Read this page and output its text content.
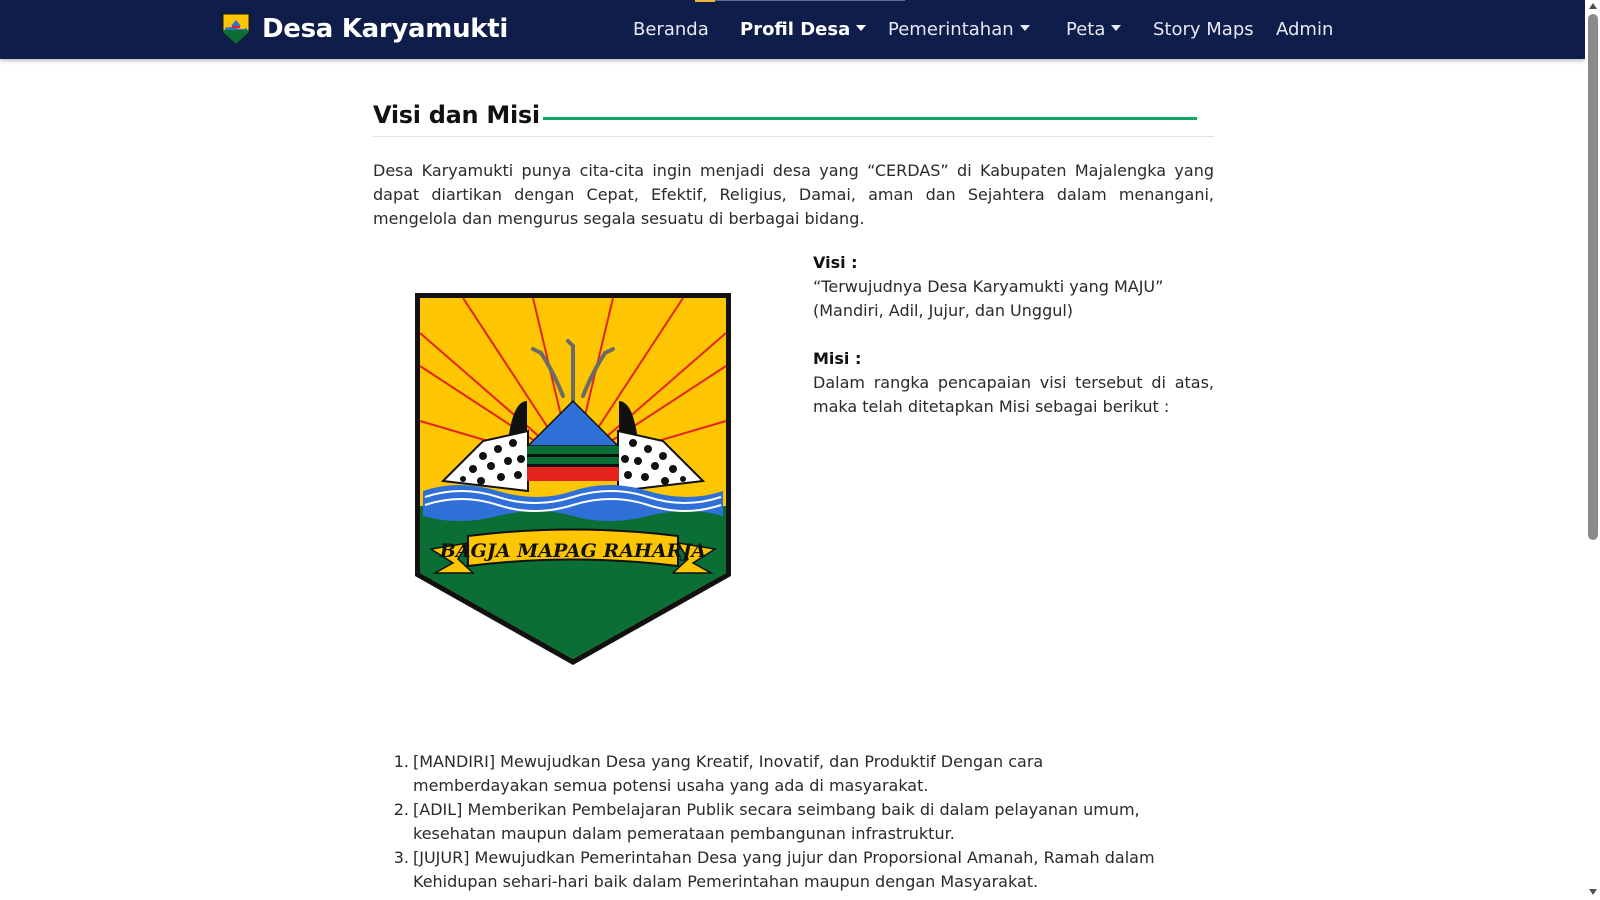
Desa Karyamukti	Beranda Profil Desa	Pemerintahan	Peta	Story Maps Admin
Visi dan Misi

Desa Karyamukti punya cita-cita ingin menjadi desa yang “CERDAS” di Kabupaten Majalengka yang dapat diartikan dengan Cepat, Efektif, Religius, Damai, aman dan Sejahtera dalam menangani, mengelola dan mengurus segala sesuatu di berbagai bidang.

BAGJA MAPAG RAHARJA
Visi :
“Terwujudnya Desa Karyamukti yang MAJU”
(Mandiri, Adil, Jujur, dan Unggul)
Misi :
Dalam rangka pencapaian visi tersebut di atas, maka telah ditetapkan Misi sebagai berikut :
1. [MANDIRI] Mewujudkan Desa yang Kreatif, Inovatif, dan Produktif Dengan cara memberdayakan semua potensi usaha yang ada di masyarakat.
2. [ADIL] Memberikan Pembelajaran Publik secara seimbang baik di dalam pelayanan umum, kesehatan maupun dalam pemerataan pembangunan infrastruktur.
3. [JUJUR] Mewujudkan Pemerintahan Desa yang jujur dan Proporsional Amanah, Ramah dalam Kehidupan sehari-hari baik dalam Pemerintahan maupun dengan Masyarakat.
